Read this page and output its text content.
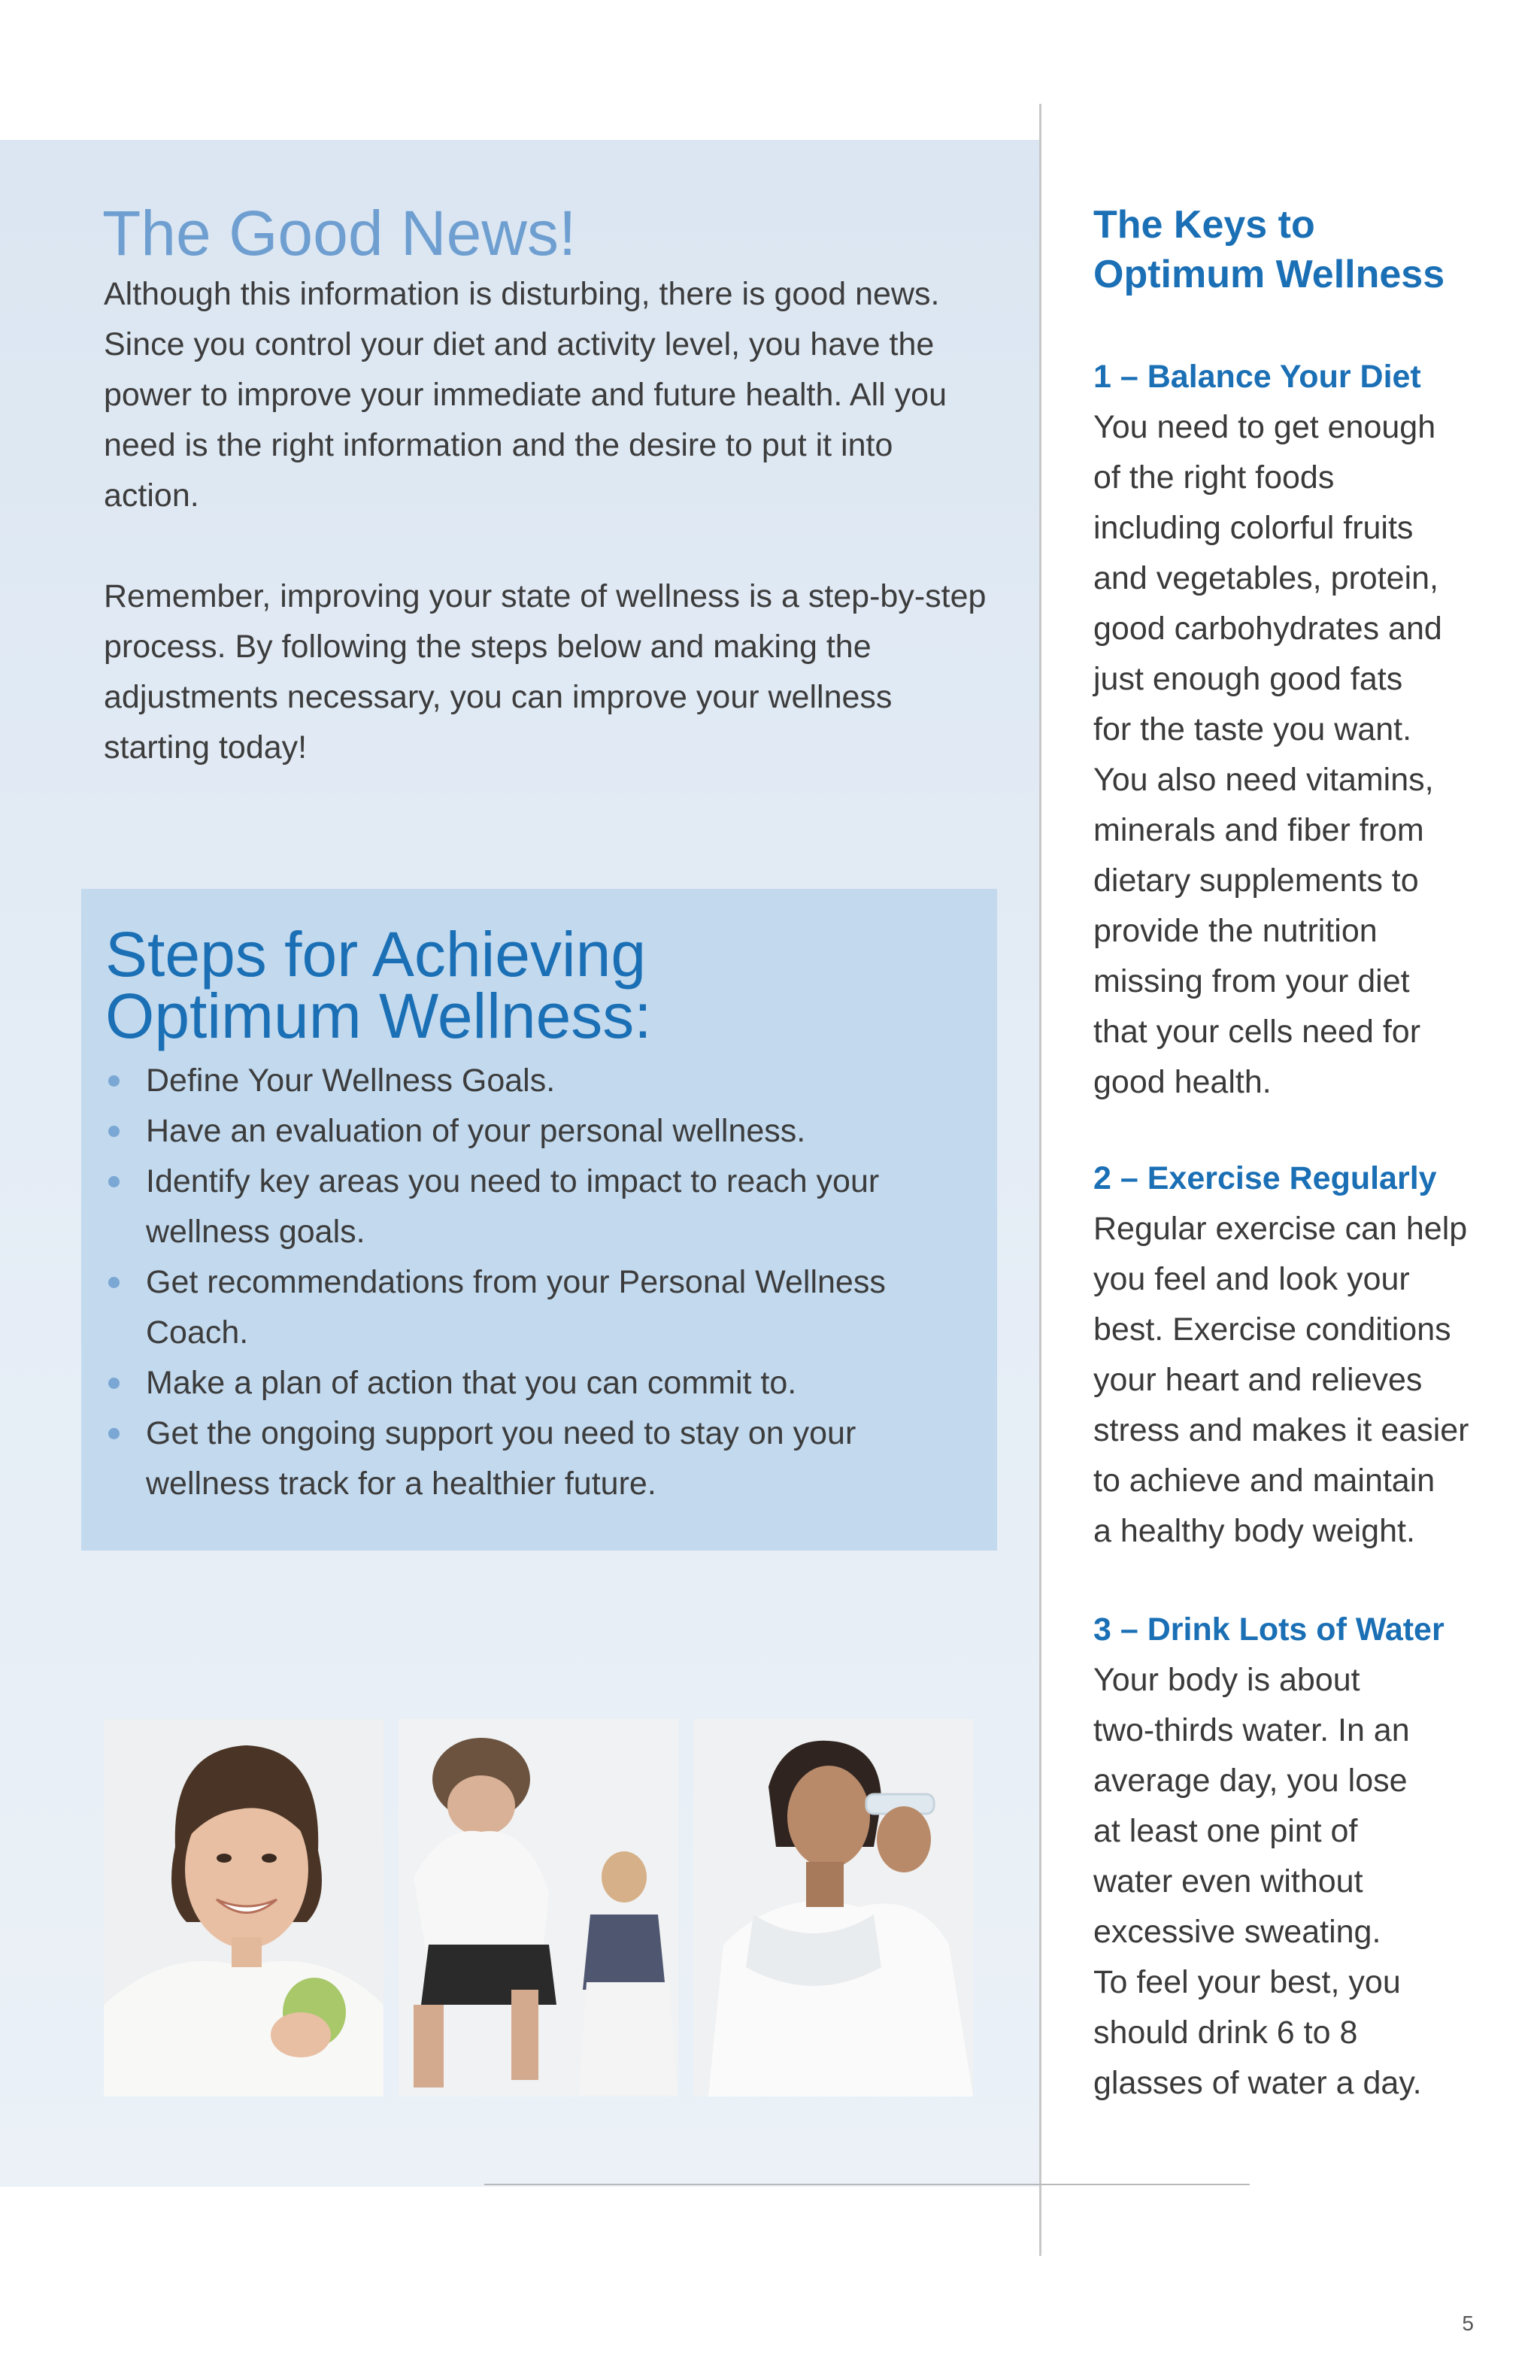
The Good News!

Although this information is disturbing, there is good news. Since you control your diet and activity level, you have the power to improve your immediate and future health. All you need is the right information and the desire to put it into action.

Remember, improving your state of wellness is a step-by-step process. By following the steps below and making the adjustments necessary, you can improve your wellness starting today!

Steps for Achieving
Optimum Wellness:
Define Your Wellness Goals.
Have an evaluation of your personal wellness.
Identify key areas you need to impact to reach your wellness goals.
Get recommendations from your Personal Wellness Coach.
Make a plan of action that you can commit to.
Get the ongoing support you need to stay on your wellness track for a healthier future.
The Keys to
Optimum Wellness
1 – Balance Your Diet

You need to get enough
of the right foods
including colorful fruits
and vegetables, protein,
good carbohydrates and
just enough good fats
for the taste you want.
You also need vitamins,
minerals and fiber from
dietary supplements to
provide the nutrition
missing from your diet
that your cells need for
good health.

2 – Exercise Regularly

Regular exercise can help
you feel and look your
best. Exercise conditions
your heart and relieves
stress and makes it easier
to achieve and maintain
a healthy body weight.

3 – Drink Lots of Water

Your body is about
two-thirds water. In an
average day, you lose
at least one pint of
water even without
excessive sweating.
To feel your best, you
should drink 6 to 8
glasses of water a day.

5
